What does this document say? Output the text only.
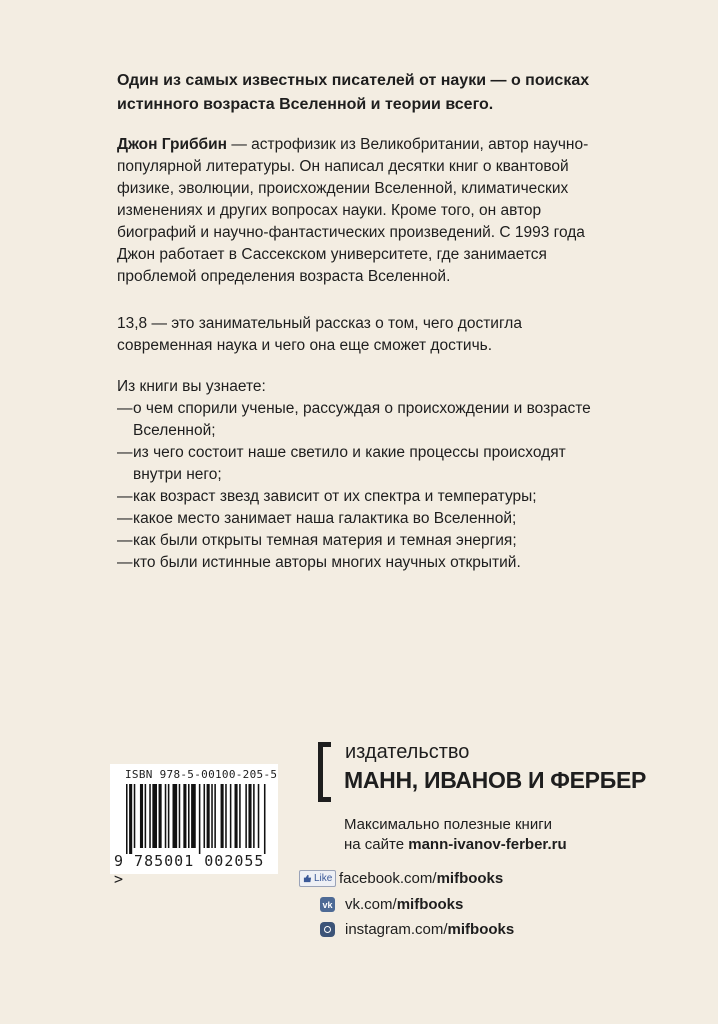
Один из самых известных писателей от науки — о поисках истинного возраста Вселенной и теории всего.
Джон Гриббин — астрофизик из Великобритании, автор научно-популярной литературы. Он написал десятки книг о квантовой физике, эволюции, происхождении Вселенной, климатических изменениях и других вопросах науки. Кроме того, он автор биографий и научно-фантастических произведений. С 1993 года Джон работает в Сассекском университете, где занимается проблемой определения возраста Вселенной.
13,8 — это занимательный рассказ о том, чего достигла современная наука и чего она еще сможет достичь.
Из книги вы узнаете:
—о чем спорили ученые, рассуждая о происхождении и возрасте Вселенной;
—из чего состоит наше светило и какие процессы происходят внутри него;
—как возраст звезд зависит от их спектра и температуры;
—какое место занимает наша галактика во Вселенной;
—как были открыты темная материя и темная энергия;
—кто были истинные авторы многих научных открытий.
ISBN 978-5-00100-205-5
9 785001 002055 >
издательство
МАНН, ИВАНОВ И ФЕРБЕР
Максимально полезные книги
на сайте mann-ivanov-ferber.ru
Like facebook.com/ mifbooks
vk vk.com/ mifbooks
instagram.com/ mifbooks
